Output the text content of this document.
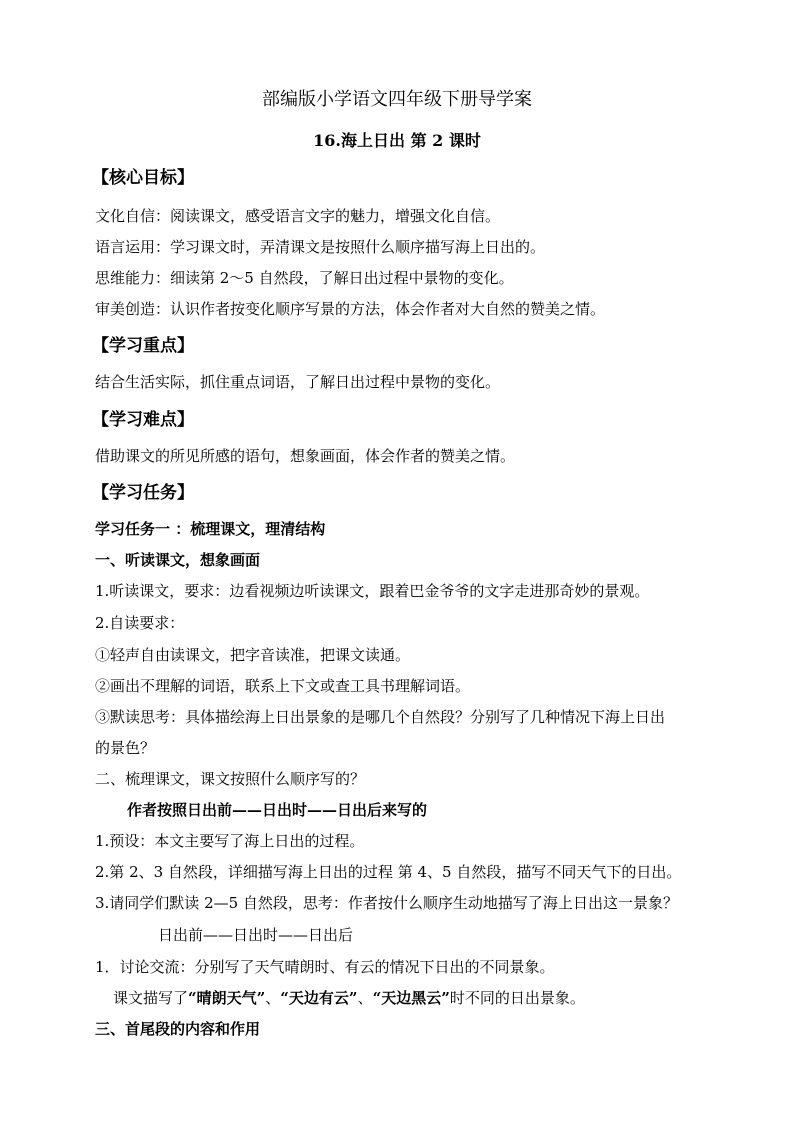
部编版小学语文四年级下册导学案
16.海上日出 第 2 课时
【核心目标】
文化自信：阅读课文，感受语言文字的魅力，增强文化自信。
语言运用：学习课文时，弄清课文是按照什么顺序描写海上日出的。
思维能力：细读第 2～5 自然段，了解日出过程中景物的变化。
审美创造：认识作者按变化顺序写景的方法，体会作者对大自然的赞美之情。
【学习重点】
结合生活实际，抓住重点词语，了解日出过程中景物的变化。
【学习难点】
借助课文的所见所感的语句，想象画面，体会作者的赞美之情。
【学习任务】
学习任务一 ：梳理课文，理清结构
一、听读课文，想象画面
1.听读课文，要求：边看视频边听读课文，跟着巴金爷爷的文字走进那奇妙的景观。
2.自读要求：
①轻声自由读课文，把字音读准，把课文读通。
②画出不理解的词语，联系上下文或查工具书理解词语。
③默读思考：具体描绘海上日出景象的是哪几个自然段？分别写了几种情况下海上日出
的景色？
二、梳理课文，课文按照什么顺序写的？
作者按照日出前——日出时——日出后来写的
1.预设：本文主要写了海上日出的过程。
2.第 2、3 自然段，详细描写海上日出的过程 第 4、5 自然段，描写不同天气下的日出。
3.请同学们默读 2—5 自然段，思考：作者按什么顺序生动地描写了海上日出这一景象？
日出前——日出时——日出后
1．讨论交流：分别写了天气晴朗时、有云的情况下日出的不同景象。
课文描写了“晴朗天气”、“天边有云”、“天边黑云”时不同的日出景象。
三、首尾段的内容和作用
